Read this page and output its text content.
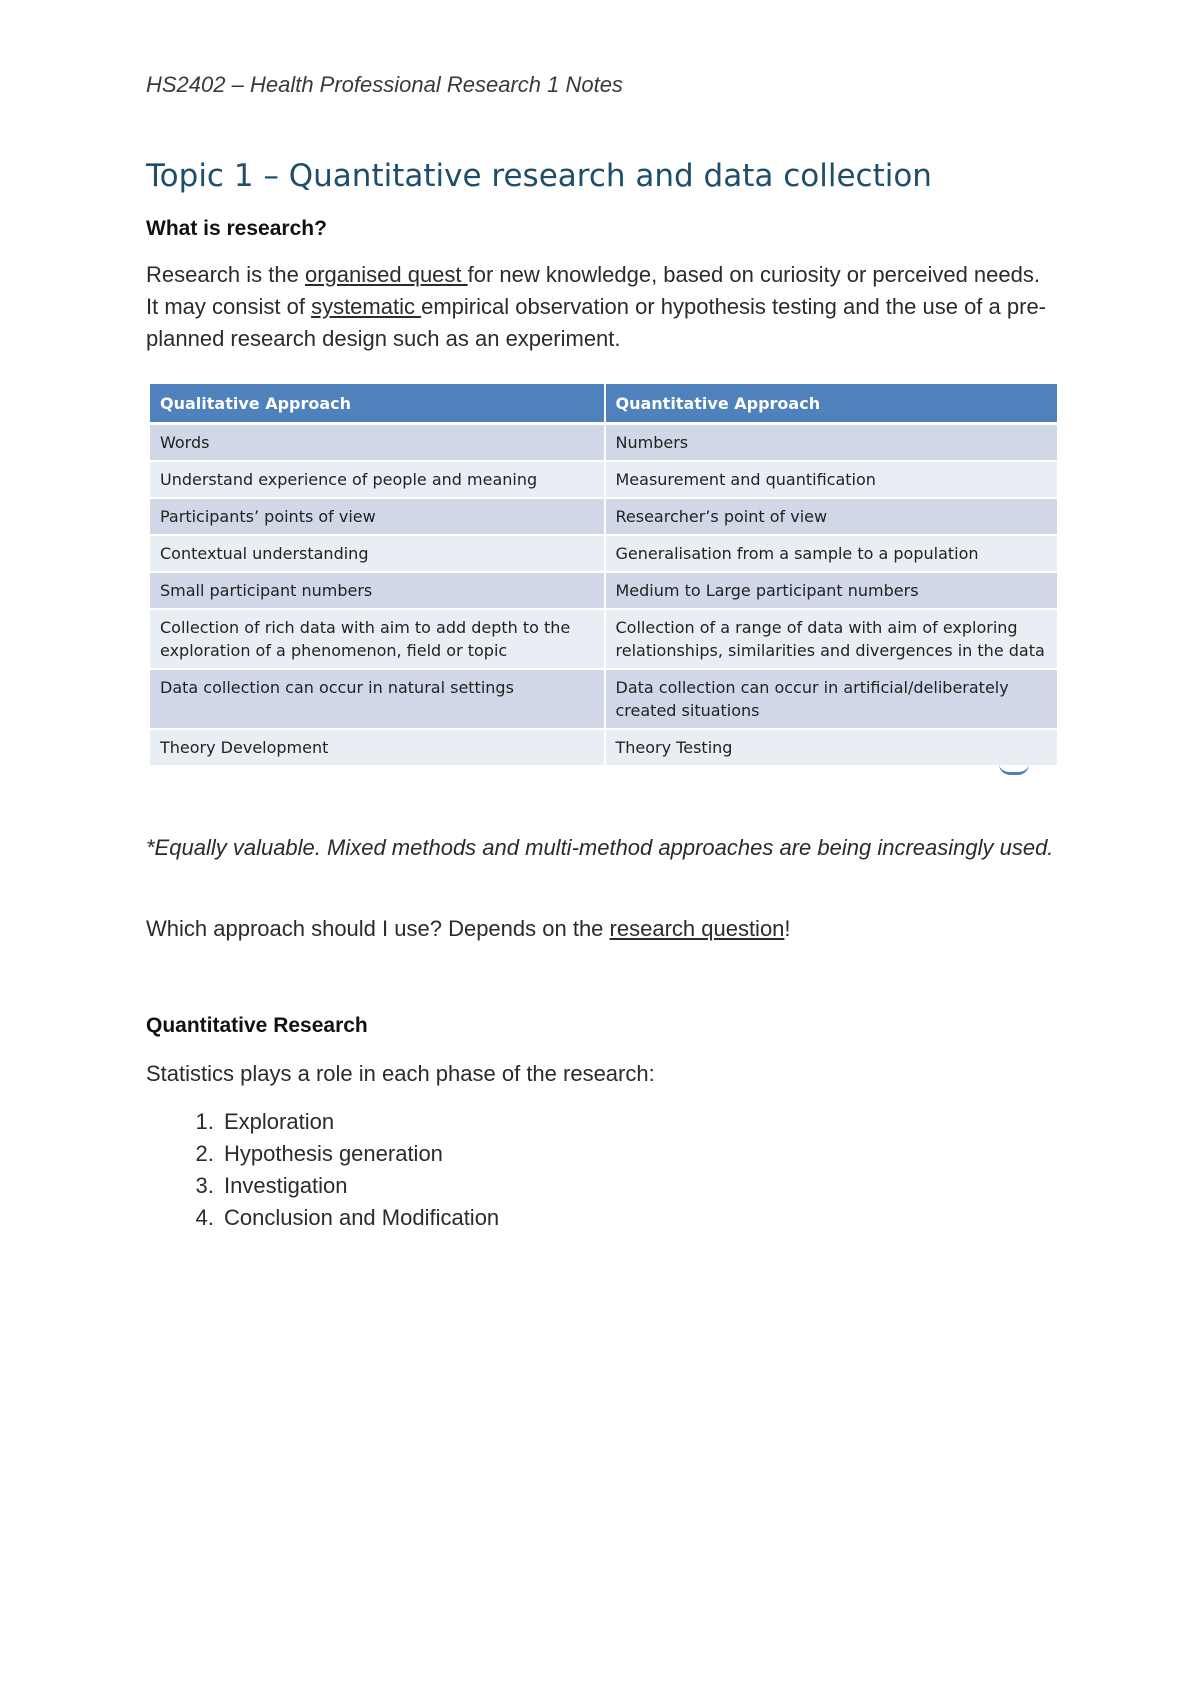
HS2402 – Health Professional Research 1 Notes
Topic 1 – Quantitative research and data collection
What is research?
Research is the organised quest for new knowledge, based on curiosity or perceived needs. It may consist of systematic empirical observation or hypothesis testing and the use of a pre-planned research design such as an experiment.
Qualitative Approach	Quantitative Approach
Words	Numbers
Understand experience of people and meaning	Measurement and quantification
Participants’ points of view	Researcher’s point of view
Contextual understanding	Generalisation from a sample to a population
Small participant numbers	Medium to Large participant numbers
Collection of rich data with aim to add depth to the exploration of a phenomenon, field or topic	Collection of a range of data with aim of exploring relationships, similarities and divergences in the data
Data collection can occur in natural settings	Data collection can occur in artificial/deliberately created situations
Theory Development	Theory Testing
*Equally valuable. Mixed methods and multi-method approaches are being increasingly used.
Which approach should I use? Depends on the research question!
Quantitative Research
Statistics plays a role in each phase of the research:
1. Exploration
2. Hypothesis generation
3. Investigation
4. Conclusion and Modification
